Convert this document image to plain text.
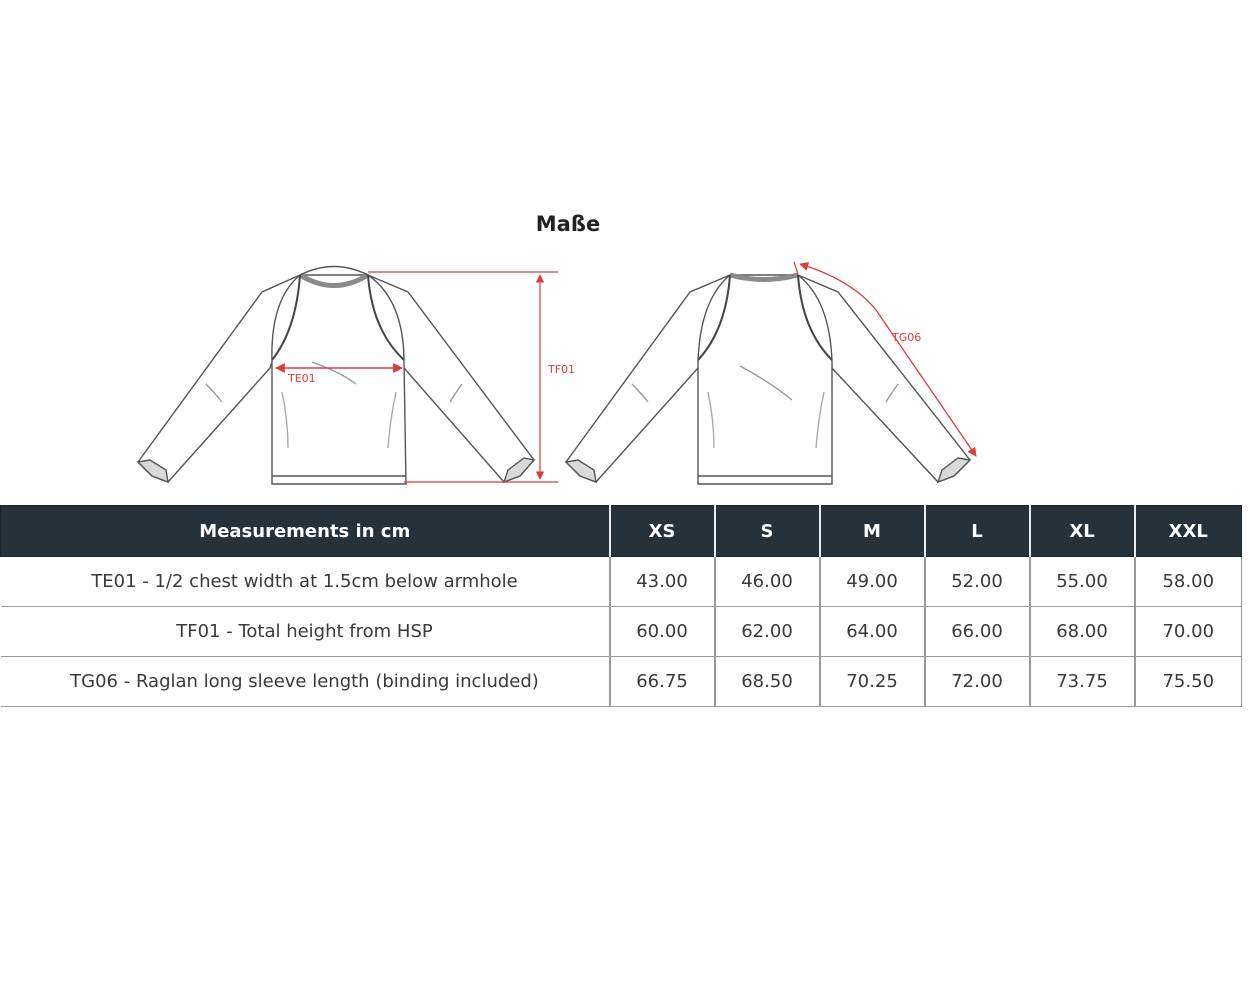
Maße
TE01
TF01
TG06
Measurements in cm	XS	S	M	L	XL	XXL
TE01 - 1/2 chest width at 1.5cm below armhole	43.00	46.00	49.00	52.00	55.00	58.00
TF01 - Total height from HSP	60.00	62.00	64.00	66.00	68.00	70.00
TG06 - Raglan long sleeve length (binding included)	66.75	68.50	70.25	72.00	73.75	75.50
